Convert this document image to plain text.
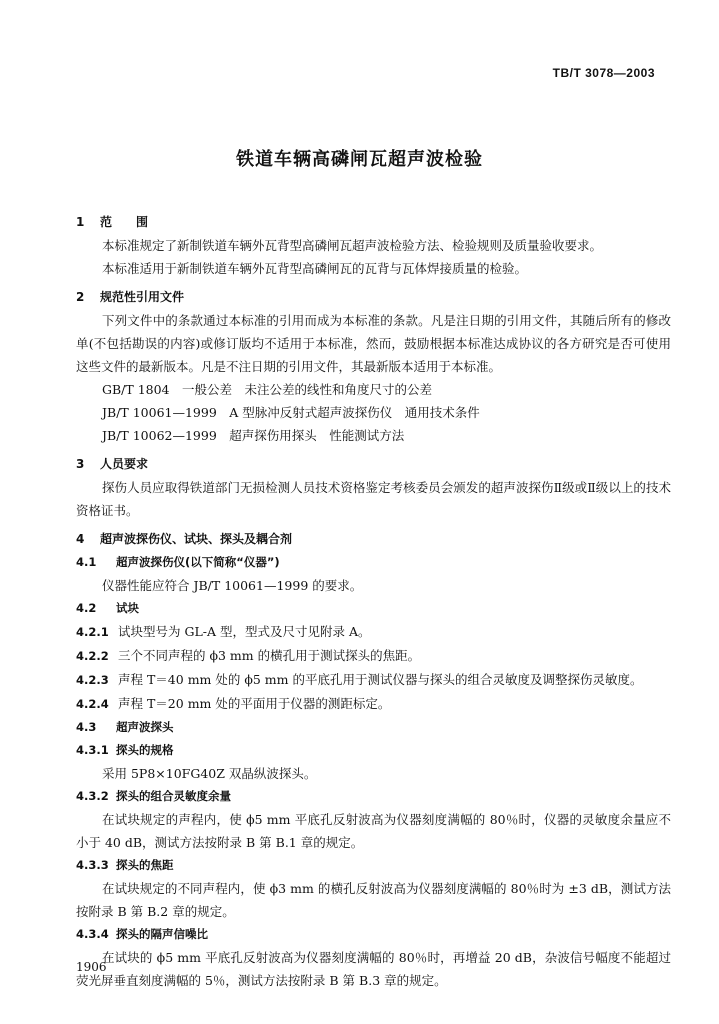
TB/T 3078—2003
铁道车辆高磷闸瓦超声波检验
1 范　　围
本标准规定了新制铁道车辆外瓦背型高磷闸瓦超声波检验方法、检验规则及质量验收要求。
本标准适用于新制铁道车辆外瓦背型高磷闸瓦的瓦背与瓦体焊接质量的检验。
2 规范性引用文件
下列文件中的条款通过本标准的引用而成为本标准的条款。凡是注日期的引用文件，其随后所有的修改单(不包括勘误的内容)或修订版均不适用于本标准，然而，鼓励根据本标准达成协议的各方研究是否可使用这些文件的最新版本。凡是不注日期的引用文件，其最新版本适用于本标准。
GB/T 1804　一般公差　未注公差的线性和角度尺寸的公差
JB/T 10061—1999　A 型脉冲反射式超声波探伤仪　通用技术条件
JB/T 10062—1999　超声探伤用探头　性能测试方法
3 人员要求
探伤人员应取得铁道部门无损检测人员技术资格鉴定考核委员会颁发的超声波探伤Ⅱ级或Ⅱ级以上的技术资格证书。
4 超声波探伤仪、试块、探头及耦合剂
4.1 超声波探伤仪(以下简称“仪器”)
仪器性能应符合 JB/T 10061—1999 的要求。
4.2 试块
4.2.1 试块型号为 GL-A 型，型式及尺寸见附录 A。
4.2.2 三个不同声程的 ϕ3 mm 的横孔用于测试探头的焦距。
4.2.3 声程 T＝40 mm 处的 ϕ5 mm 的平底孔用于测试仪器与探头的组合灵敏度及调整探伤灵敏度。
4.2.4 声程 T＝20 mm 处的平面用于仪器的测距标定。
4.3 超声波探头
4.3.1 探头的规格
采用 5P8×10FG40Z 双晶纵波探头。
4.3.2 探头的组合灵敏度余量
在试块规定的声程内，使 ϕ5 mm 平底孔反射波高为仪器刻度满幅的 80％时，仪器的灵敏度余量应不小于 40 dB，测试方法按附录 B 第 B.1 章的规定。
4.3.3 探头的焦距
在试块规定的不同声程内，使 ϕ3 mm 的横孔反射波高为仪器刻度满幅的 80％时为 ±3 dB，测试方法按附录 B 第 B.2 章的规定。
4.3.4 探头的隔声信噪比
在试块的 ϕ5 mm 平底孔反射波高为仪器刻度满幅的 80％时，再增益 20 dB，杂波信号幅度不能超过荧光屏垂直刻度满幅的 5％，测试方法按附录 B 第 B.3 章的规定。
1906
